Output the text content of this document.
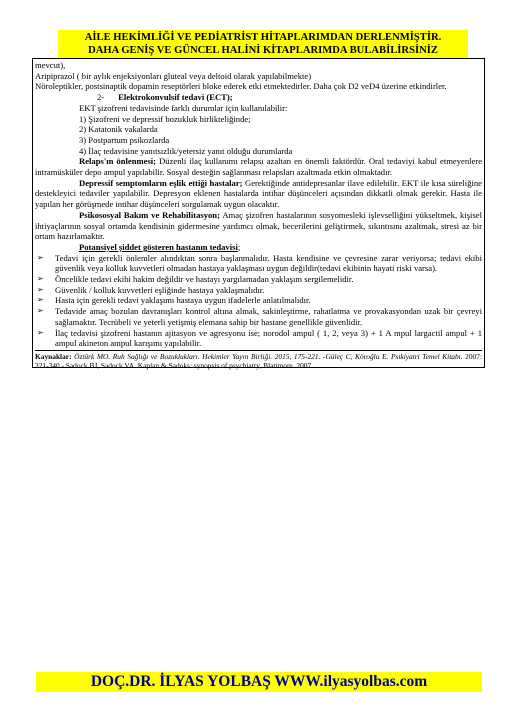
AİLE HEKİMLİĞİ VE PEDİATRİST HİTAPLARIMDAN DERLENMİŞTİR.
DAHA GENİŞ VE GÜNCEL HALİNİ KİTAPLARIMDA BULABİLİRSİNİZ

mevcut),

Aripiprazol ( bir aylık enjeksiyonları gluteal veya deltoid olarak yapılabilmekte)

Nöroleptikler, postsinaptik dopamin reseptörleri bloke ederek etki etmektedirler. Daha çok D2 veD4 üzerine etkindirler.

2- Elektrokonvulsif tedavi (ECT);

EKT şizofreni tedavisinde farklı durumlar için kullanılabilir:

1) Şizofreni ve depressif bozukluk birlikteliğinde;

2) Katatonik vakalarda

3) Postpartum psikozlarda

4) İlaç tedavisine yanıtsızlık/yetersiz yanıt olduğu durumlarda

Relaps'ın önlenmesi; Düzenli ilaç kullanımı relapsı azaltan en önemli faktördür. Oral tedaviyi kabul etmeyenlere intramüsküler depo ampul yapılabilir. Sosyal desteğin sağlanması relapsları azaltmada etkin olmaktadır.

Depressif semptomların eşlik ettiği hastalar; Gerektiğinde antidepresanlar ilave edilebilir. EKT ile kısa süreliğine destekleyici tedaviler yapılabilir. Depresyon eklenen hastalarda intihar düşünceleri açısından dikkatli olmak gerekir. Hasta ile yapılan her görüşmede intihar düşünceleri sorgulamak uygun olacaktır.

Psikososyal Bakım ve Rehabilitasyon; Amaç şizofren hastalarının sosyomesleki işlevselliğini yükseltmek, kişisel ihtiyaçlarının sosyal ortamda kendisinin gidermesine yardımcı olmak, becerilerini geliştirmek, sıkıntısını azaltmak, stresi az bir ortam hazırlamaktır.

Potansiyel şiddet gösteren hastanın tedavisi;

➢ Tedavi için gerekli önlemler alındıktan sonra başlanmalıdır. Hasta kendisine ve çevresine zarar veriyorsa; tedavi ekibi güvenlik veya kolluk kuvvetleri olmadan hastaya yaklaşması uygun değildir(tedavi ekibinin hayati riski varsa).

➢ Öncelikle tedavi ekibi hakim değildir ve hastayı yargılamadan yaklaşım sergilemelidir.

➢ Güvenlik / kolluk kuvvetleri eşliğinde hastaya yaklaşmalıdır.

➢ Hasta için gerekli tedavi yaklaşımı hastaya uygun ifadelerle anlatılmalıdır.

➢ Tedavide amaç bozulan davranışları kontrol altına almak, sakinleştirme, rahatlatma ve provakasyondan uzak bir çevreyi sağlamaktır. Tecrübeli ve yeterli yetişmiş elemana sahip bir hastane genellikle güvenlidir.

➢ İlaç tedavisi şizofreni hastanın ajitasyon ve agresyonu ise; norodol ampul ( 1, 2, veya 3) + 1 A mpul largactil ampul + 1 ampul akineton ampul karışımı yapılabilir.

Kaynaklar: Öztürk MO. Ruh Sağlığı ve Bozuklukları. Hekimler Yayın Birliği. 2015, 175-221. -Güleç C, Köroğlu E. Psikiyatri Temel Kitabı. 2007: 321-340 - Sadock BJ, Sadock VA. Kaplan & Sadoks: synopsis of psychiatry, Blatimore. 2007.
DOÇ.DR. İLYAS YOLBAŞ WWW.ilyasyolbas.com
